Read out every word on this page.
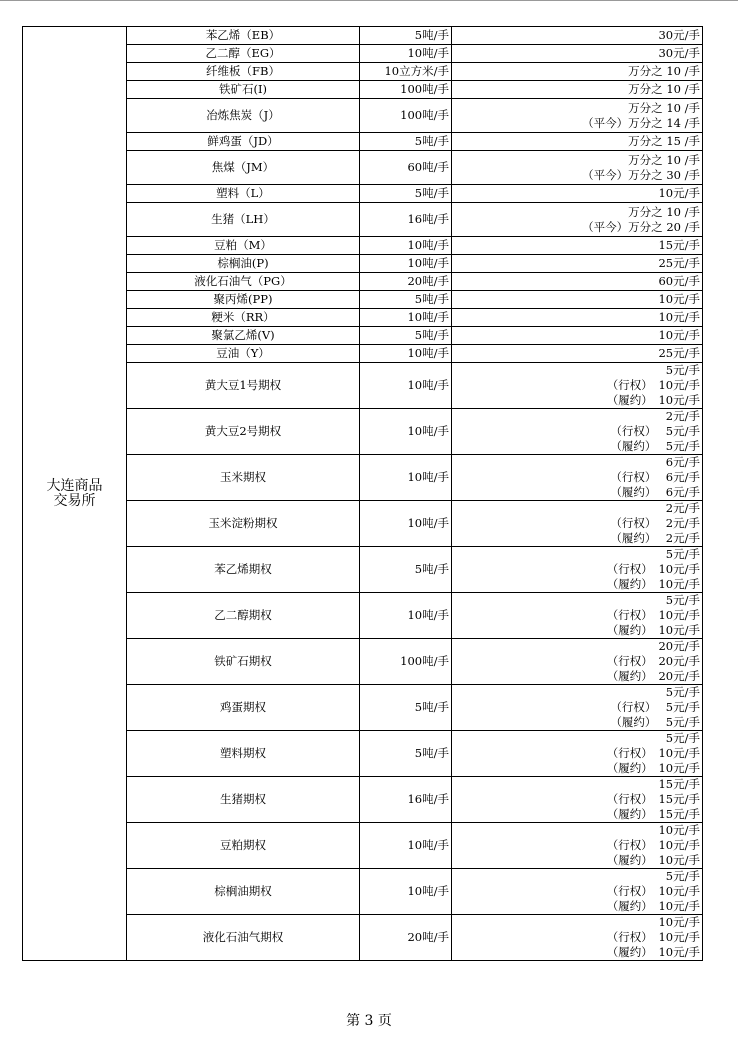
大连商品
交易所	苯乙烯（EB）	5吨/手	30元/手

	乙二醇（EG）	10吨/手	30元/手

	纤维板（FB）	10立方米/手	万分之 10 /手

	铁矿石(I)	100吨/手	万分之 10 /手

	冶炼焦炭（J）	100吨/手	万分之 10 /手
（平今）万分之 14 /手

	鲜鸡蛋（JD）	5吨/手	万分之 15 /手

	焦煤（JM）	60吨/手	万分之 10 /手
（平今）万分之 30 /手

	塑料（L）	5吨/手	10元/手

	生猪（LH）	16吨/手	万分之 10 /手
（平今）万分之 20 /手

	豆粕（M）	10吨/手	15元/手

	棕榈油(P)	10吨/手	25元/手

	液化石油气（PG）	20吨/手	60元/手

	聚丙烯(PP)	5吨/手	10元/手

	粳米（RR）	10吨/手	10元/手

	聚氯乙烯(V)	5吨/手	10元/手

	豆油（Y）	10吨/手	25元/手

	黄大豆1号期权	10吨/手	5元/手
（行权）　10元/手
（履约）　10元/手

	黄大豆2号期权	10吨/手	2元/手
（行权）　 5元/手
（履约）　 5元/手

	玉米期权	10吨/手	6元/手
（行权）　 6元/手
（履约）　 6元/手

	玉米淀粉期权	10吨/手	2元/手
（行权）　 2元/手
（履约）　 2元/手

	苯乙烯期权	5吨/手	5元/手
（行权）　10元/手
（履约）　10元/手

	乙二醇期权	10吨/手	5元/手
（行权）　10元/手
（履约）　10元/手

	铁矿石期权	100吨/手	20元/手
（行权）　20元/手
（履约）　20元/手

	鸡蛋期权	5吨/手	5元/手
（行权）　 5元/手
（履约）　 5元/手

	塑料期权	5吨/手	5元/手
（行权）　10元/手
（履约）　10元/手

	生猪期权	16吨/手	15元/手
（行权）　15元/手
（履约）　15元/手

	豆粕期权	10吨/手	10元/手
（行权）　10元/手
（履约）　10元/手

	棕榈油期权	10吨/手	5元/手
（行权）　10元/手
（履约）　10元/手

	液化石油气期权	20吨/手	10元/手
（行权）　10元/手
（履约）　10元/手
第 3 页
